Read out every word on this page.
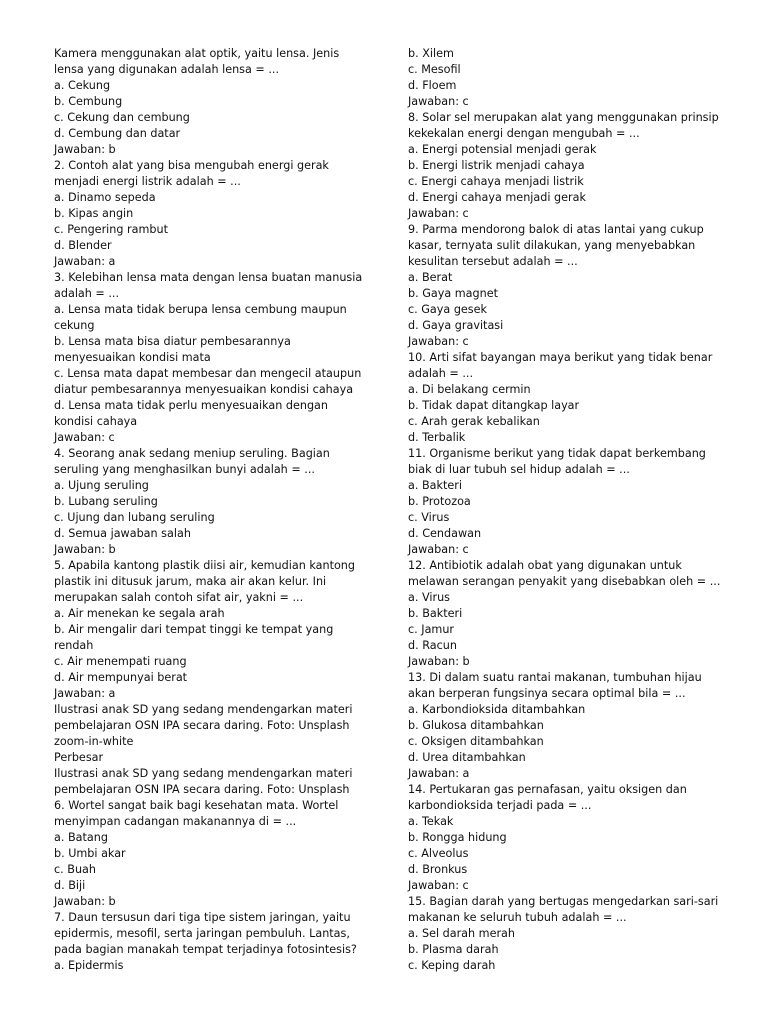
Kamera menggunakan alat optik, yaitu lensa. Jenis
lensa yang digunakan adalah lensa = ...
a. Cekung
b. Cembung
c. Cekung dan cembung
d. Cembung dan datar
Jawaban: b
2. Contoh alat yang bisa mengubah energi gerak
menjadi energi listrik adalah = ...
a. Dinamo sepeda
b. Kipas angin
c. Pengering rambut
d. Blender
Jawaban: a
3. Kelebihan lensa mata dengan lensa buatan manusia
adalah = ...
a. Lensa mata tidak berupa lensa cembung maupun
cekung
b. Lensa mata bisa diatur pembesarannya
menyesuaikan kondisi mata
c. Lensa mata dapat membesar dan mengecil ataupun
diatur pembesarannya menyesuaikan kondisi cahaya
d. Lensa mata tidak perlu menyesuaikan dengan
kondisi cahaya
Jawaban: c
4. Seorang anak sedang meniup seruling. Bagian
seruling yang menghasilkan bunyi adalah = ...
a. Ujung seruling
b. Lubang seruling
c. Ujung dan lubang seruling
d. Semua jawaban salah
Jawaban: b
5. Apabila kantong plastik diisi air, kemudian kantong
plastik ini ditusuk jarum, maka air akan kelur. Ini
merupakan salah contoh sifat air, yakni = ...
a. Air menekan ke segala arah
b. Air mengalir dari tempat tinggi ke tempat yang
rendah
c. Air menempati ruang
d. Air mempunyai berat
Jawaban: a
Ilustrasi anak SD yang sedang mendengarkan materi
pembelajaran OSN IPA secara daring. Foto: Unsplash
zoom-in-white
Perbesar
Ilustrasi anak SD yang sedang mendengarkan materi
pembelajaran OSN IPA secara daring. Foto: Unsplash
6. Wortel sangat baik bagi kesehatan mata. Wortel
menyimpan cadangan makanannya di = ...
a. Batang
b. Umbi akar
c. Buah
d. Biji
Jawaban: b
7. Daun tersusun dari tiga tipe sistem jaringan, yaitu
epidermis, mesofil, serta jaringan pembuluh. Lantas,
pada bagian manakah tempat terjadinya fotosintesis?
a. Epidermis
b. Xilem
c. Mesofil
d. Floem
Jawaban: c
8. Solar sel merupakan alat yang menggunakan prinsip
kekekalan energi dengan mengubah = ...
a. Energi potensial menjadi gerak
b. Energi listrik menjadi cahaya
c. Energi cahaya menjadi listrik
d. Energi cahaya menjadi gerak
Jawaban: c
9. Parma mendorong balok di atas lantai yang cukup
kasar, ternyata sulit dilakukan, yang menyebabkan
kesulitan tersebut adalah = ...
a. Berat
b. Gaya magnet
c. Gaya gesek
d. Gaya gravitasi
Jawaban: c
10. Arti sifat bayangan maya berikut yang tidak benar
adalah = ...
a. Di belakang cermin
b. Tidak dapat ditangkap layar
c. Arah gerak kebalikan
d. Terbalik
11. Organisme berikut yang tidak dapat berkembang
biak di luar tubuh sel hidup adalah = ...
a. Bakteri
b. Protozoa
c. Virus
d. Cendawan
Jawaban: c
12. Antibiotik adalah obat yang digunakan untuk
melawan serangan penyakit yang disebabkan oleh = ...
a. Virus
b. Bakteri
c. Jamur
d. Racun
Jawaban: b
13. Di dalam suatu rantai makanan, tumbuhan hijau
akan berperan fungsinya secara optimal bila = ...
a. Karbondioksida ditambahkan
b. Glukosa ditambahkan
c. Oksigen ditambahkan
d. Urea ditambahkan
Jawaban: a
14. Pertukaran gas pernafasan, yaitu oksigen dan
karbondioksida terjadi pada = ...
a. Tekak
b. Rongga hidung
c. Alveolus
d. Bronkus
Jawaban: c
15. Bagian darah yang bertugas mengedarkan sari-sari
makanan ke seluruh tubuh adalah = ...
a. Sel darah merah
b. Plasma darah
c. Keping darah
